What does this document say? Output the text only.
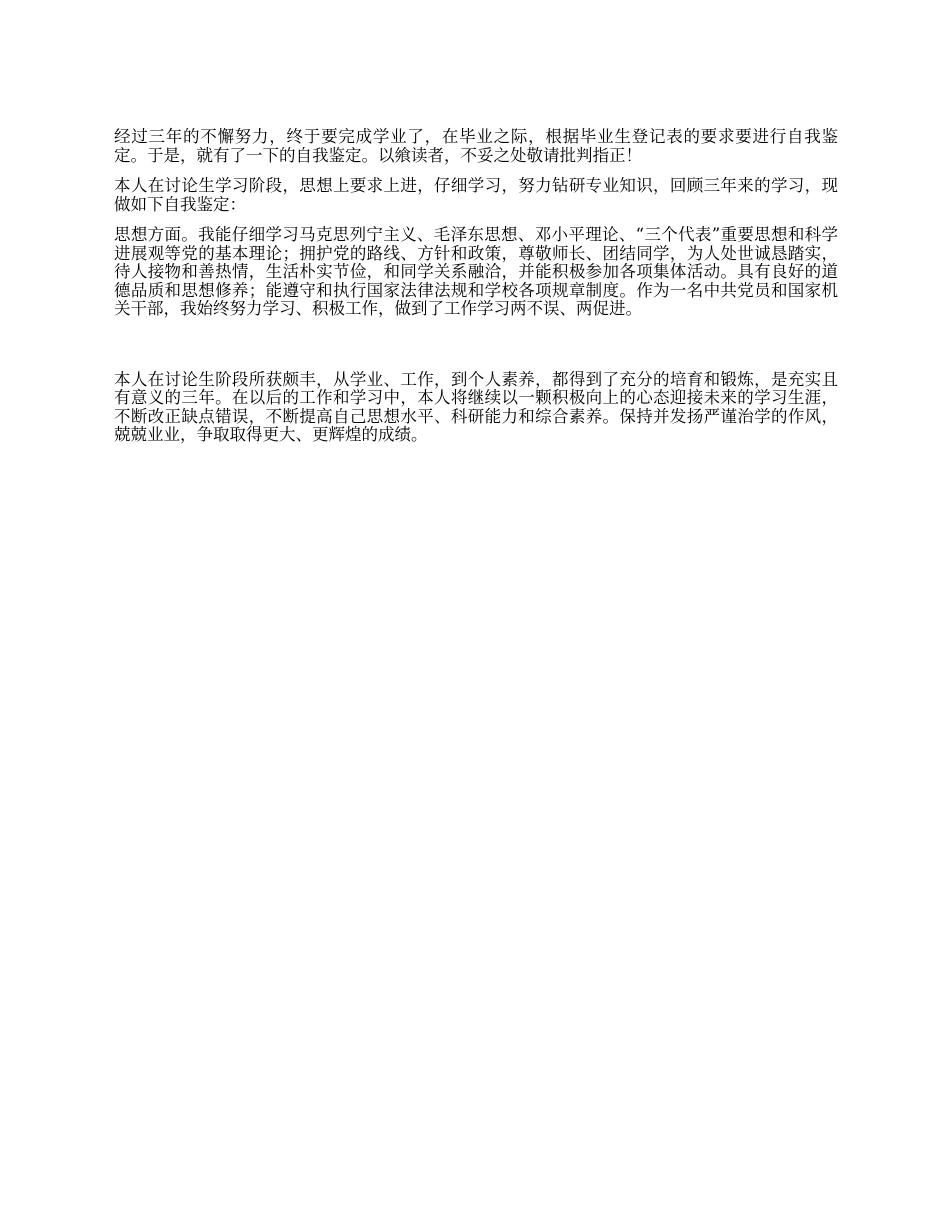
经过三年的不懈努力，终于要完成学业了，在毕业之际，根据毕业生登记表的要求要进行自我鉴定。于是，就有了一下的自我鉴定。以飨读者，不妥之处敬请批判指正！

本人在讨论生学习阶段，思想上要求上进，仔细学习，努力钻研专业知识，回顾三年来的学习，现做如下自我鉴定：

思想方面。我能仔细学习马克思列宁主义、毛泽东思想、邓小平理论、“三个代表”重要思想和科学进展观等党的基本理论；拥护党的路线、方针和政策，尊敬师长、团结同学，为人处世诚恳踏实，待人接物和善热情，生活朴实节俭，和同学关系融洽，并能积极参加各项集体活动。具有良好的道德品质和思想修养；能遵守和执行国家法律法规和学校各项规章制度。作为一名中共党员和国家机关干部，我始终努力学习、积极工作，做到了工作学习两不误、两促进。

本人在讨论生阶段所获颇丰，从学业、工作，到个人素养，都得到了充分的培育和锻炼，是充实且有意义的三年。在以后的工作和学习中，本人将继续以一颗积极向上的心态迎接未来的学习生涯，不断改正缺点错误，不断提高自己思想水平、科研能力和综合素养。保持并发扬严谨治学的作风，兢兢业业，争取取得更大、更辉煌的成绩。
